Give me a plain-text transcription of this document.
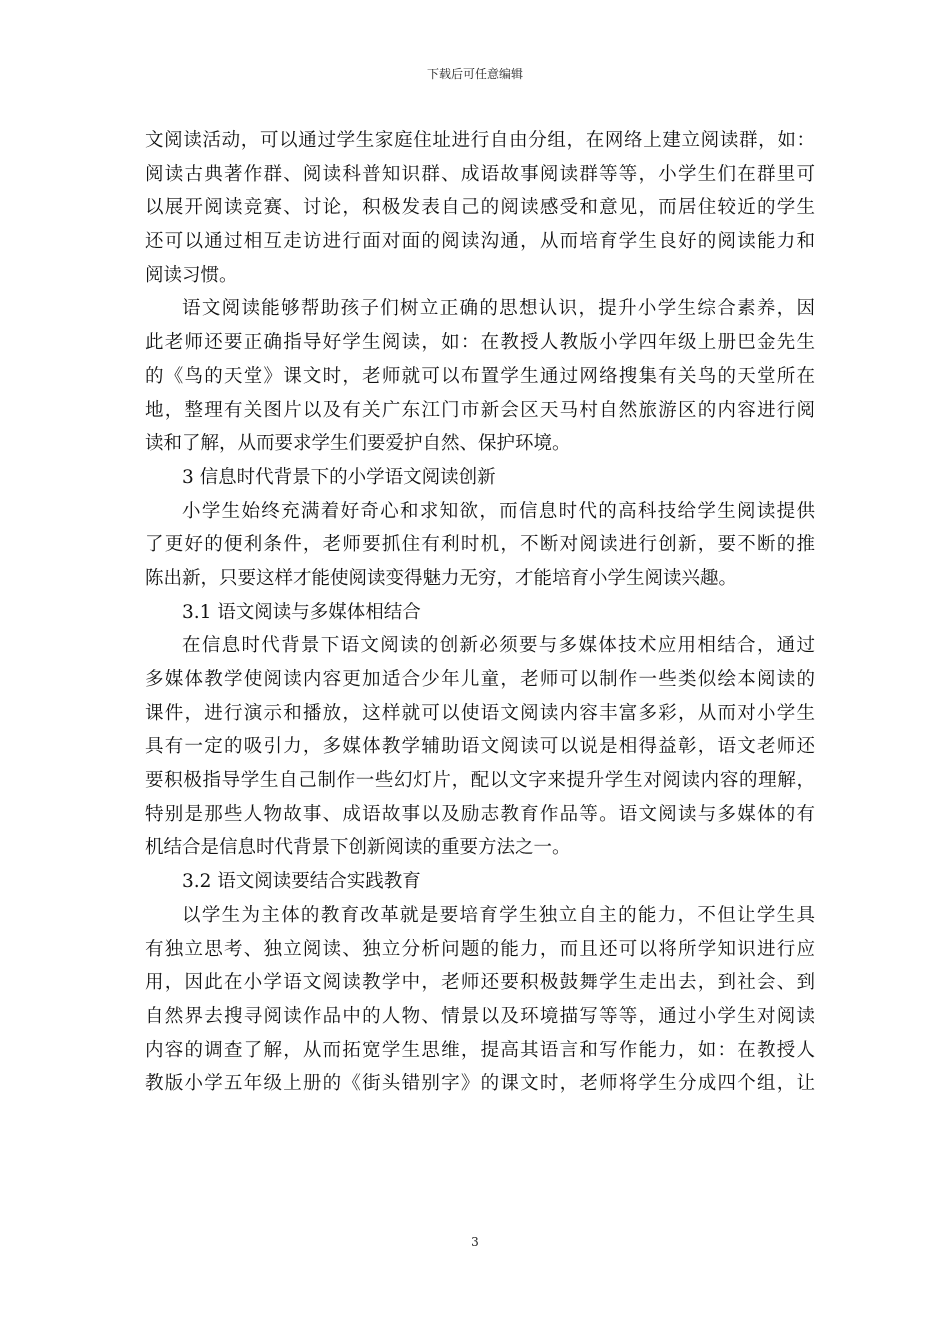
下载后可任意编辑
文阅读活动，可以通过学生家庭住址进行自由分组，在网络上建立阅读群，如：
阅读古典著作群、阅读科普知识群、成语故事阅读群等等，小学生们在群里可
以展开阅读竞赛、讨论，积极发表自己的阅读感受和意见，而居住较近的学生
还可以通过相互走访进行面对面的阅读沟通，从而培育学生良好的阅读能力和
阅读习惯。
语文阅读能够帮助孩子们树立正确的思想认识，提升小学生综合素养，因
此老师还要正确指导好学生阅读，如：在教授人教版小学四年级上册巴金先生
的《鸟的天堂》课文时，老师就可以布置学生通过网络搜集有关鸟的天堂所在
地，整理有关图片以及有关广东江门市新会区天马村自然旅游区的内容进行阅
读和了解，从而要求学生们要爱护自然、保护环境。
3 信息时代背景下的小学语文阅读创新
小学生始终充满着好奇心和求知欲，而信息时代的高科技给学生阅读提供
了更好的便利条件，老师要抓住有利时机，不断对阅读进行创新，要不断的推
陈出新，只要这样才能使阅读变得魅力无穷，才能培育小学生阅读兴趣。
3.1 语文阅读与多媒体相结合
在信息时代背景下语文阅读的创新必须要与多媒体技术应用相结合，通过
多媒体教学使阅读内容更加适合少年儿童，老师可以制作一些类似绘本阅读的
课件，进行演示和播放，这样就可以使语文阅读内容丰富多彩，从而对小学生
具有一定的吸引力，多媒体教学辅助语文阅读可以说是相得益彰，语文老师还
要积极指导学生自己制作一些幻灯片，配以文字来提升学生对阅读内容的理解，
特别是那些人物故事、成语故事以及励志教育作品等。语文阅读与多媒体的有
机结合是信息时代背景下创新阅读的重要方法之一。
3.2 语文阅读要结合实践教育
以学生为主体的教育改革就是要培育学生独立自主的能力，不但让学生具
有独立思考、独立阅读、独立分析问题的能力，而且还可以将所学知识进行应
用，因此在小学语文阅读教学中，老师还要积极鼓舞学生走出去，到社会、到
自然界去搜寻阅读作品中的人物、情景以及环境描写等等，通过小学生对阅读
内容的调查了解，从而拓宽学生思维，提高其语言和写作能力，如：在教授人
教版小学五年级上册的《街头错别字》的课文时，老师将学生分成四个组，让
3
